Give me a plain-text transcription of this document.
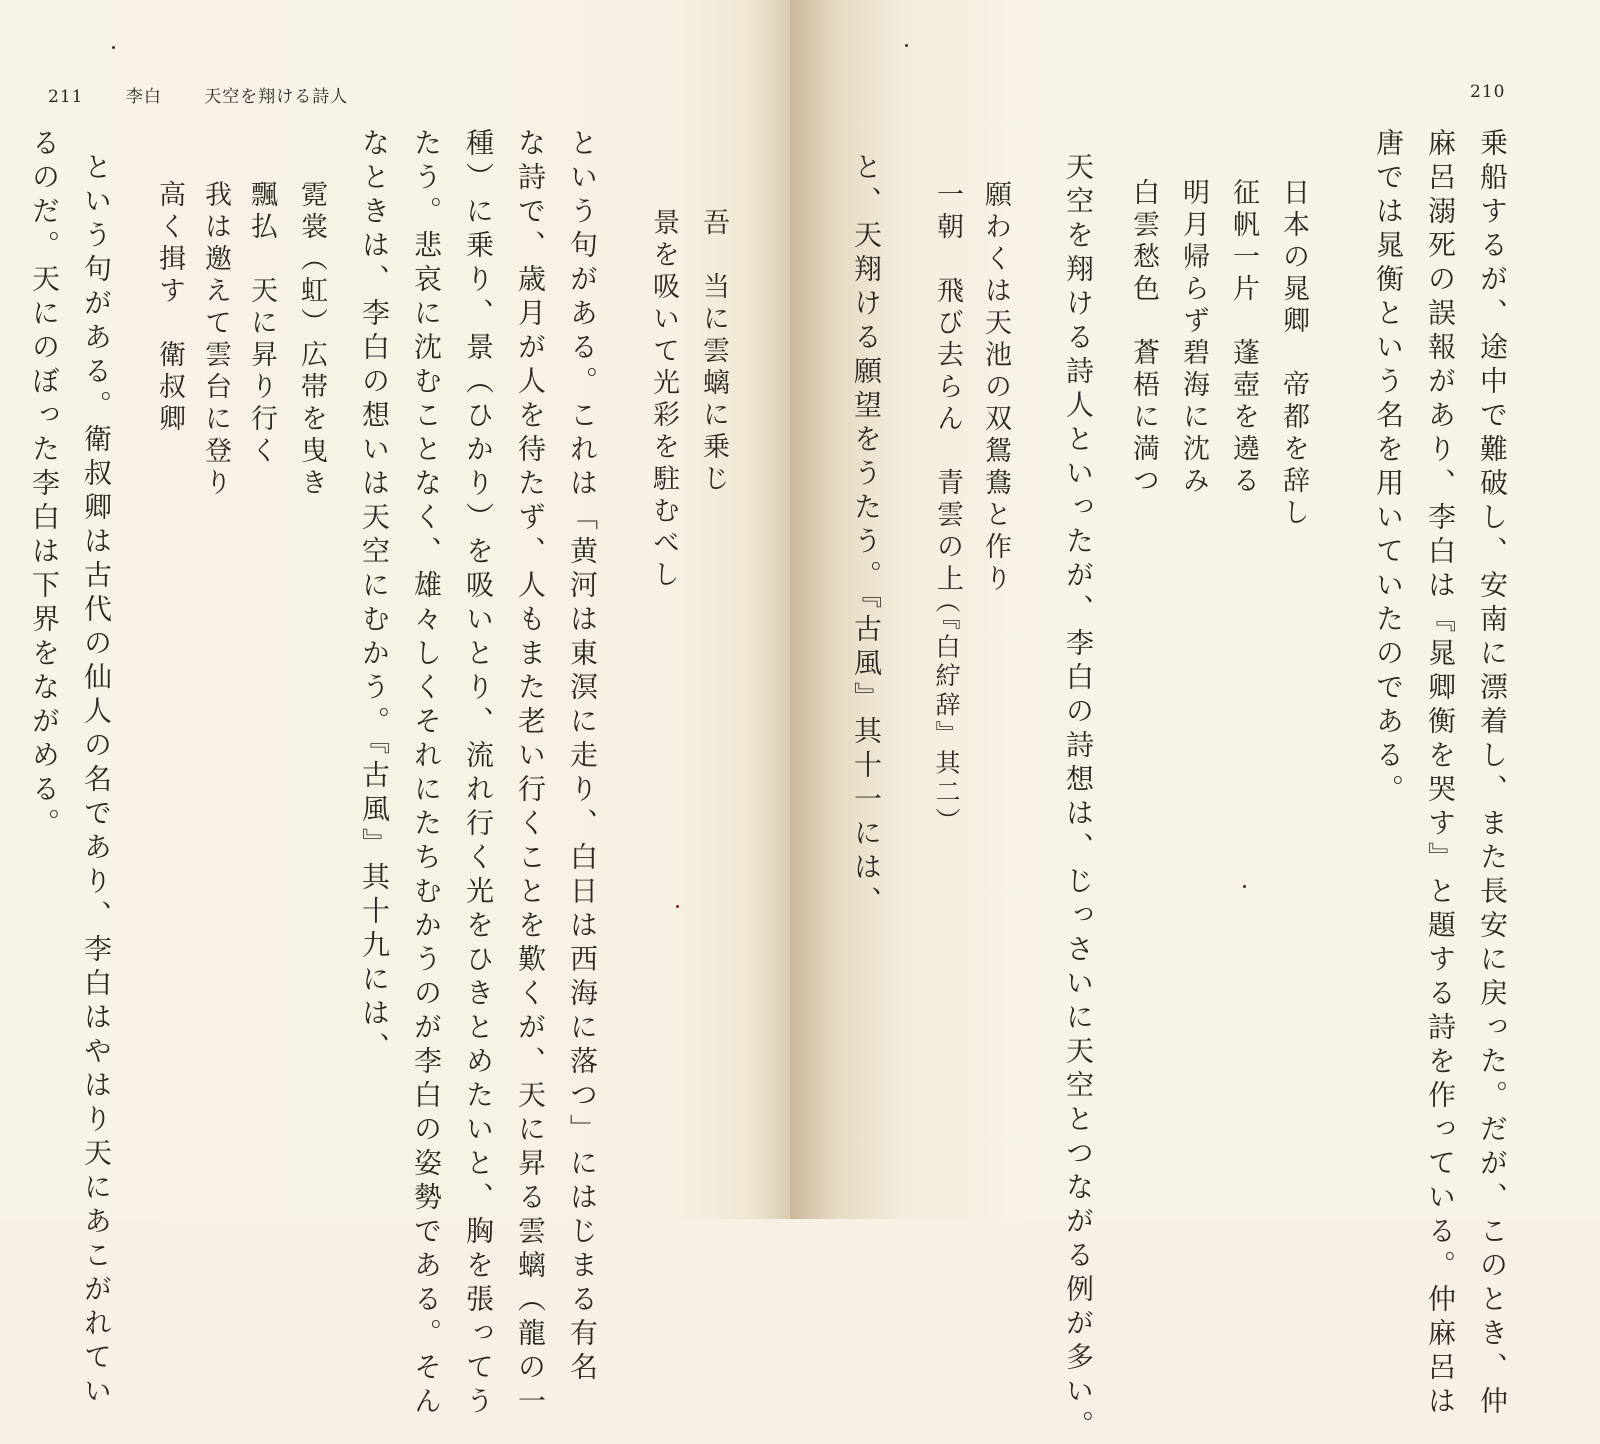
211 李白 天空を翔ける詩人	210
吾　当に雲螭に乗じ
景を吸いて光彩を駐むべし
という句がある。これは「黄河は東溟に走り、白日は西海に落つ」にはじまる有名
な詩で、歳月が人を待たず、人もまた老い行くことを歎くが、天に昇る雲螭（龍の一
種）に乗り、景（ひかり）を吸いとり、流れ行く光をひきとめたいと、胸を張ってう
たう。悲哀に沈むことなく、雄々しくそれにたちむかうのが李白の姿勢である。そん
なときは、李白の想いは天空にむかう。『古風』其十九には、
霓裳（虹）広帯を曳き
飄払　天に昇り行く
我は邀えて雲台に登り
高く揖す　衛叔卿
という句がある。衛叔卿は古代の仙人の名であり、李白はやはり天にあこがれてい
るのだ。天にのぼった李白は下界をながめる。	乗船するが、途中で難破し、安南に漂着し、また長安に戻った。だが、このとき、仲
麻呂溺死の誤報があり、李白は『晁卿衡を哭す』と題する詩を作っている。仲麻呂は
唐では晁衡という名を用いていたのである。
日本の晁卿　帝都を辞し
征帆一片　蓬壺を遶る
明月帰らず碧海に沈み
白雲愁色　蒼梧に満つ
天空を翔ける詩人といったが、李白の詩想は、じっさいに天空とつながる例が多い。
願わくは天池の双鴛鴦と作り
一朝　飛び去らん　青雲の上
（『白紵辞』其二）
と、天翔ける願望をうたう。『古風』其十一には、
